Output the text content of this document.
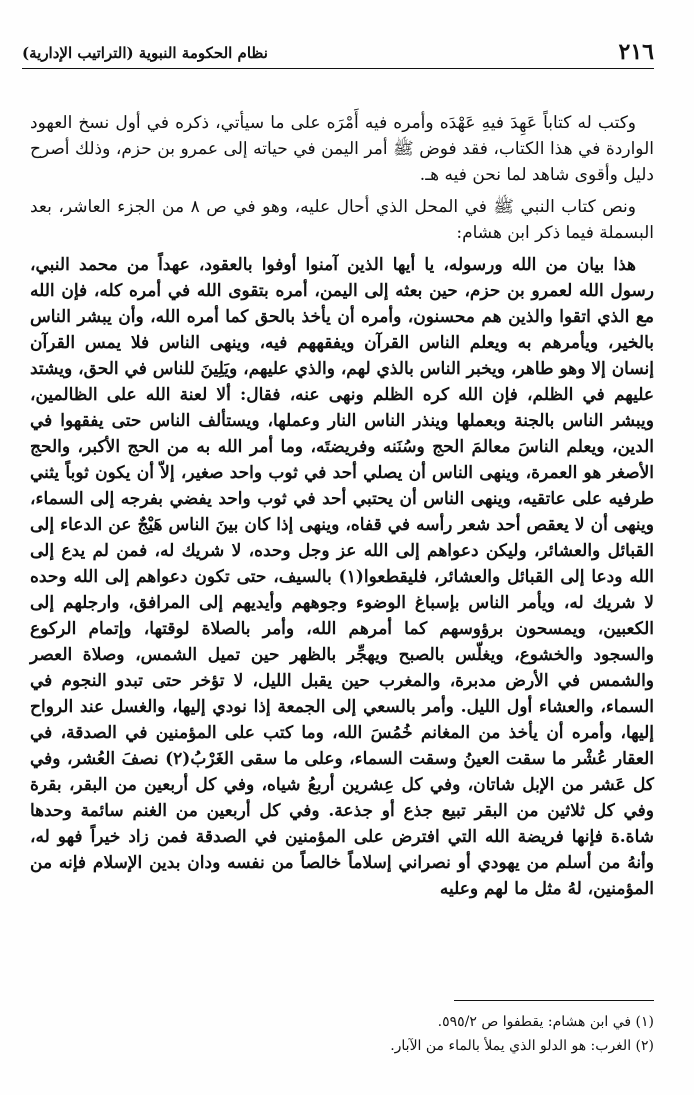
٢١٦
نظام الحكومة النبوية (التراتيب الإدارية)

وكتب له كتاباً عَهِدَ فيهِ عَهْدَه وأمره فيه أَمْرَه على ما سيأتي، ذكره في أول نسخ العهود الواردة في هذا الكتاب، فقد فوض ﷺ أمر اليمن في حياته إلى عمرو بن حزم، وذلك أصرح دليل وأقوى شاهد لما نحن فيه هـ.

ونص كتاب النبي ﷺ في المحل الذي أحال عليه، وهو في ص ٨ من الجزء العاشر، بعد البسملة فيما ذكر ابن هشام:

هذا بيان من الله ورسوله، يا أيها الذين آمنوا أوفوا بالعقود، عهداً من محمد النبي، رسول الله لعمرو بن حزم، حين بعثه إلى اليمن، أمره بتقوى الله في أمره كله، فإن الله مع الذي اتقوا والذين هم محسنون، وأمره أن يأخذ بالحق كما أمره الله، وأن يبشر الناس بالخير، ويأمرهم به ويعلم الناس القرآن ويفقههم فيه، وينهى الناس فلا يمس القرآن إنسان إلا وهو طاهر، ويخبر الناس بالذي لهم، والذي عليهم، ويَلِينَ للناس في الحق، ويشتد عليهم في الظلم، فإن الله كره الظلم ونهى عنه، فقال: ألا لعنة الله على الظالمين، ويبشر الناس بالجنة وبعملها وينذر الناس النار وعملها، ويستألف الناس حتى يفقهوا في الدين، ويعلم الناسَ معالمَ الحج وسُنَنه وفريضتَه، وما أمر الله به من الحج الأكبر، والحج الأصغر هو العمرة، وينهى الناس أن يصلي أحد في ثوب واحد صغير، إلاّ أن يكون ثوباً يثني طرفيه على عاتقيه، وينهى الناس أن يحتبي أحد في ثوب واحد يفضي بفرجه إلى السماء، وينهى أن لا يعقص أحد شعر رأسه في قفاه، وينهى إذا كان بينَ الناس هَيْجٌ عن الدعاء إلى القبائل والعشائر، وليكن دعواهم إلى الله عز وجل وحده، لا شريك له، فمن لم يدع إلى الله ودعا إلى القبائل والعشائر، فليقطعوا(١) بالسيف، حتى تكون دعواهم إلى الله وحده لا شريك له، ويأمر الناس بإسباغ الوضوء وجوههم وأيديهم إلى المرافق، وارجلهم إلى الكعبين، ويمسحون برؤوسهم كما أمرهم الله، وأمر بالصلاة لوقتها، وإتمام الركوع والسجود والخشوع، ويغلّس بالصبح ويهجِّر بالظهر حين تميل الشمس، وصلاة العصر والشمس في الأرض مدبرة، والمغرب حين يقبل الليل، لا تؤخر حتى تبدو النجوم في السماء، والعشاء أول الليل. وأمر بالسعي إلى الجمعة إذا نودي إليها، والغسل عند الرواح إليها، وأمره أن يأخذ من المغانم خُمُسَ الله، وما كتب على المؤمنين في الصدقة، في العقار عُشْر ما سقت العينُ وسقت السماء، وعلى ما سقى الغَرْبُ(٢) نصفَ العُشر، وفي كل عَشر من الإبل شاتان، وفي كل عِشرين أربعُ شياه، وفي كل أربعين من البقر، بقرة وفي كل ثلاثين من البقر تبيع جذع أو جذعة. وفي كل أربعين من الغنم سائمة وحدها شاة.ة فإنها فريضة الله التي افترض على المؤمنين في الصدقة فمن زاد خيراً فهو له، وأنهُ من أسلم من يهودي أو نصراني إسلاماً خالصاً من نفسه ودان بدين الإسلام فإنه من المؤمنين، لهُ مثل ما لهم وعليه

(١) في ابن هشام: يقطفوا ص ٥٩٥/٢.

(٢) الغرب: هو الدلو الذي يملأ بالماء من الآبار.
